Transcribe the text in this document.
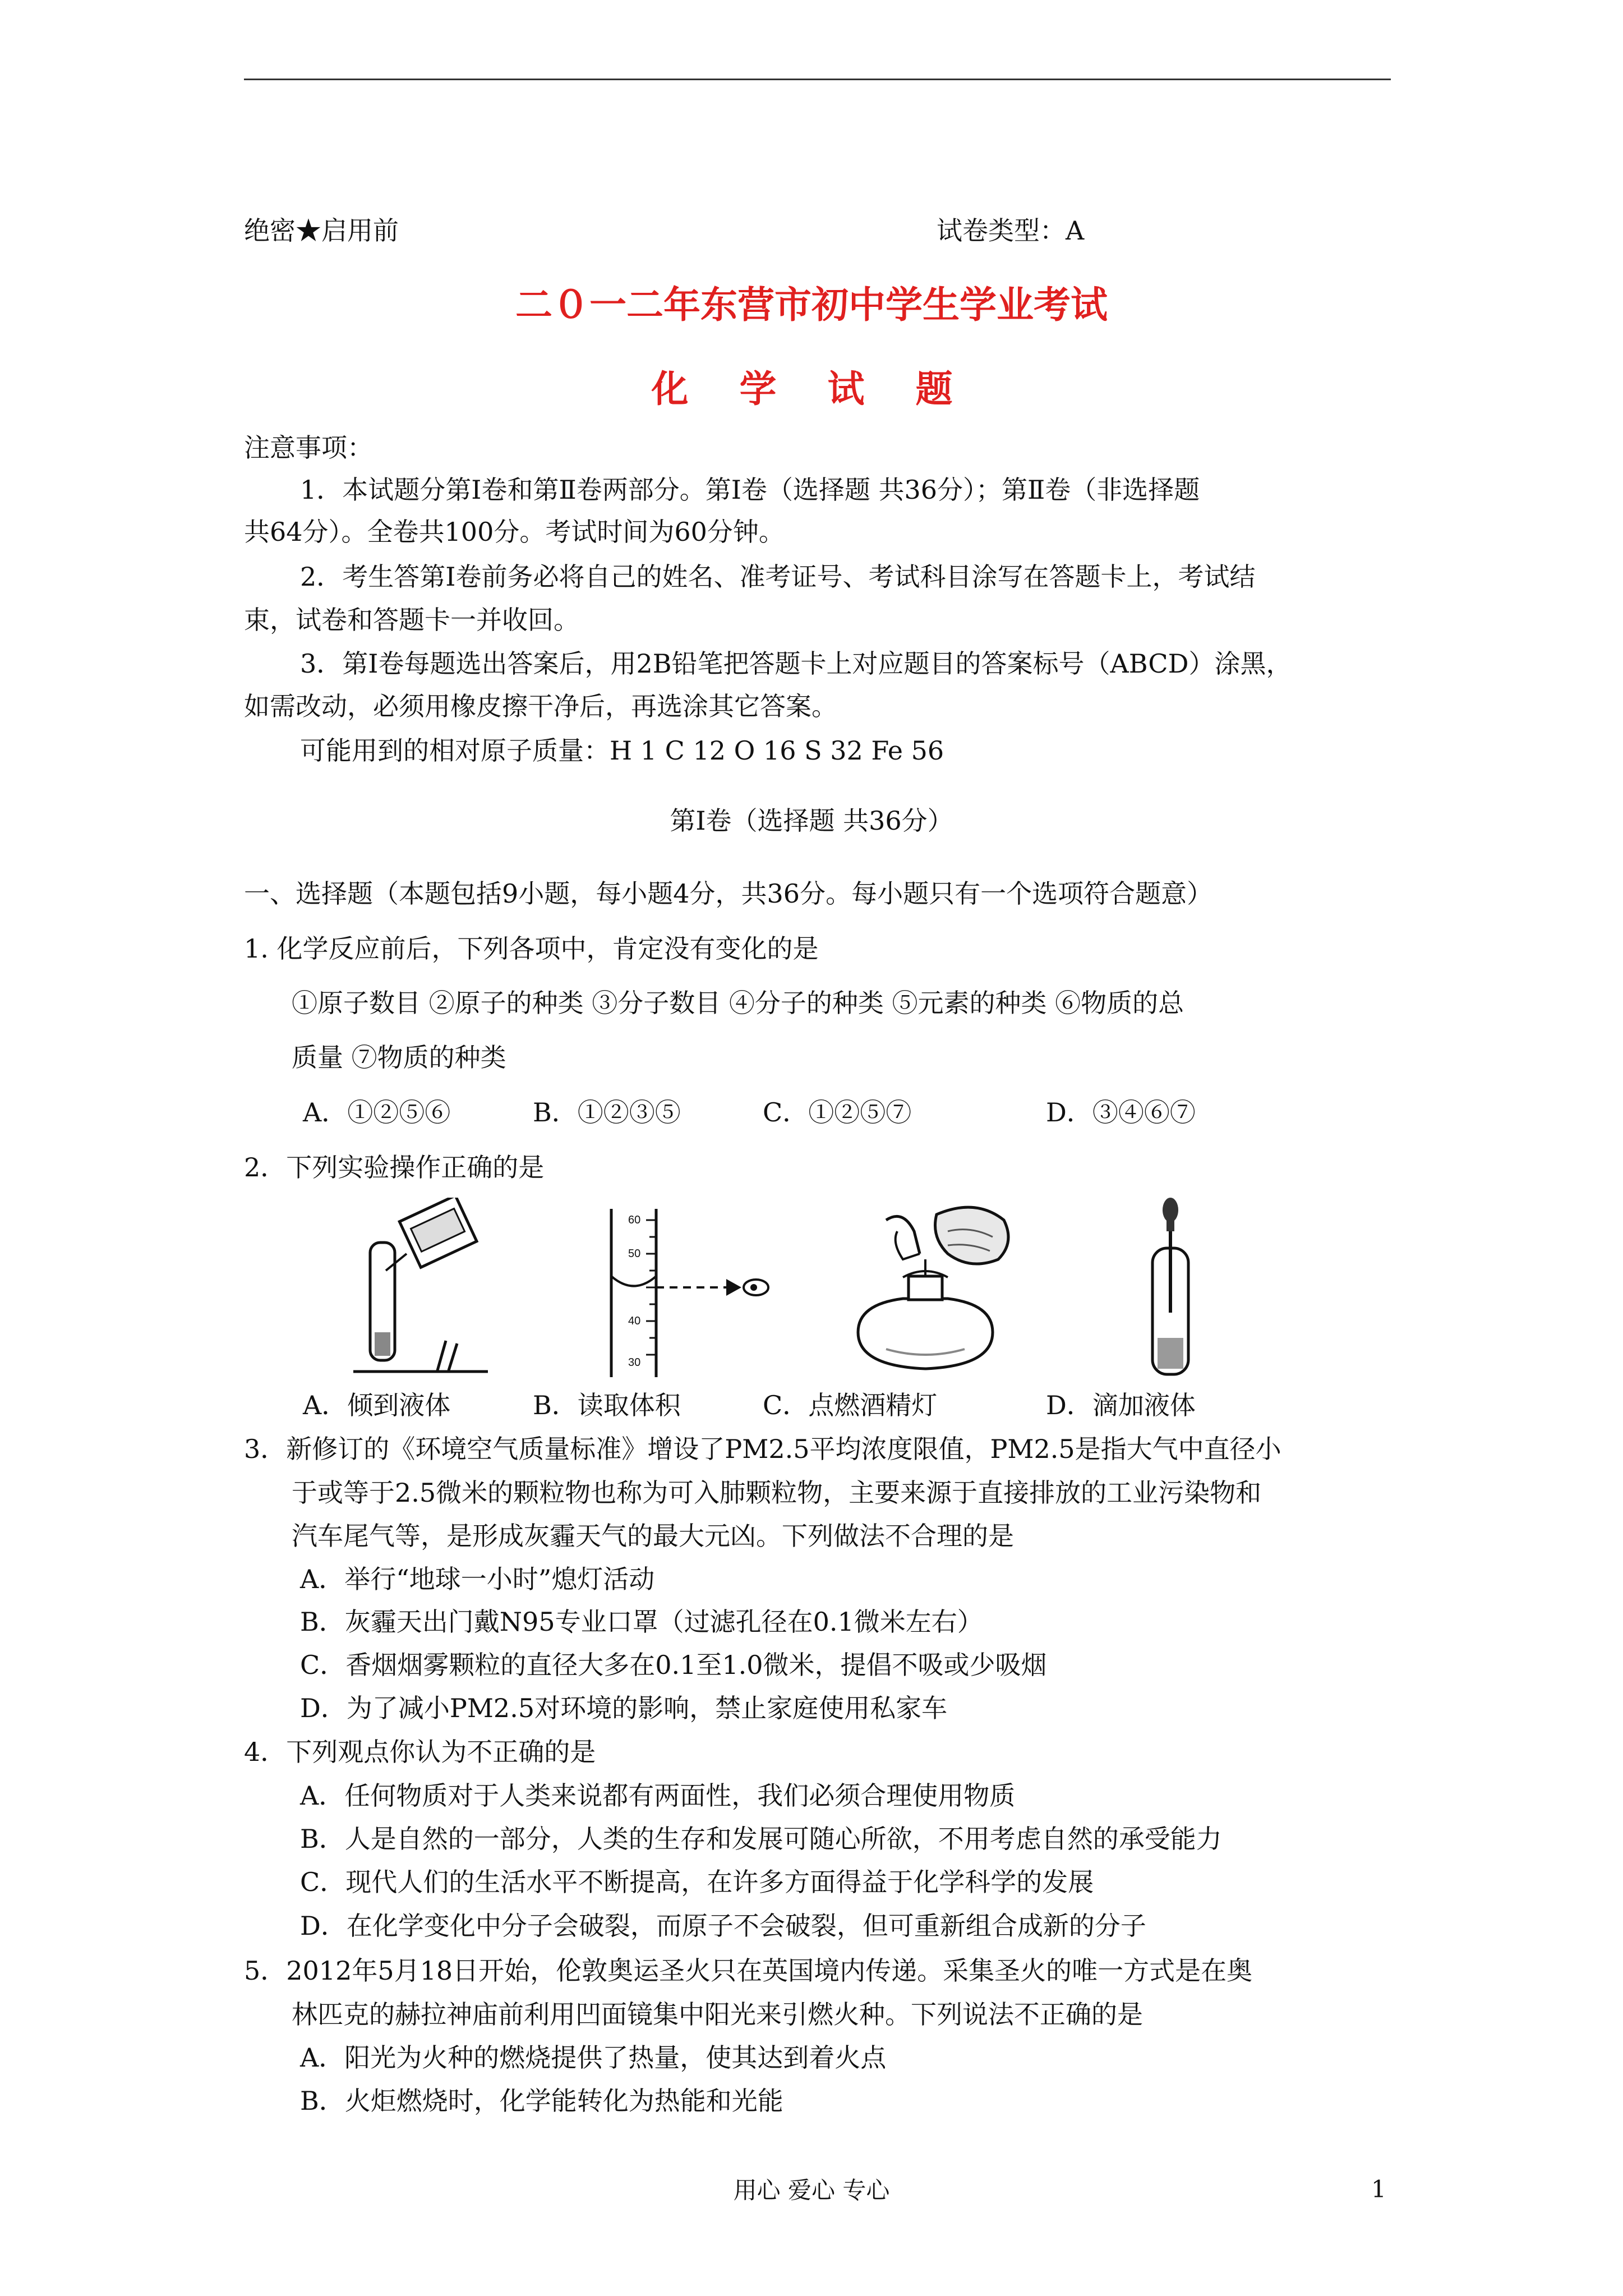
绝密★启用前	试卷类型：A
二０一二年东营市初中学生学业考试
化 学 试 题
注意事项：
1．本试题分第Ⅰ卷和第Ⅱ卷两部分。第Ⅰ卷（选择题 共36分）；第Ⅱ卷（非选择题
共64分）。全卷共100分。考试时间为60分钟。
2．考生答第Ⅰ卷前务必将自己的姓名、准考证号、考试科目涂写在答题卡上，考试结
束，试卷和答题卡一并收回。
3．第Ⅰ卷每题选出答案后，用2B铅笔把答题卡上对应题目的答案标号（ABCD）涂黑，
如需改动，必须用橡皮擦干净后，再选涂其它答案。
可能用到的相对原子质量：H 1 C 12 O 16 S 32 Fe 56
第Ⅰ卷（选择题 共36分）
一、选择题（本题包括9小题，每小题4分，共36分。每小题只有一个选项符合题意）
1. 化学反应前后，下列各项中，肯定没有变化的是
①原子数目 ②原子的种类 ③分子数目 ④分子的种类 ⑤元素的种类 ⑥物质的总
质量 ⑦物质的种类
A．①②⑤⑥	B．①②③⑤	C．①②⑤⑦	D．③④⑥⑦
2．下列实验操作正确的是
60
50
40
30
A．倾到液体	B．读取体积	C．点燃酒精灯	D．滴加液体
3．新修订的《环境空气质量标准》增设了PM2.5平均浓度限值，PM2.5是指大气中直径小
于或等于2.5微米的颗粒物也称为可入肺颗粒物，主要来源于直接排放的工业污染物和
汽车尾气等，是形成灰霾天气的最大元凶。下列做法不合理的是
A．举行“地球一小时”熄灯活动
B．灰霾天出门戴N95专业口罩（过滤孔径在0.1微米左右）
C．香烟烟雾颗粒的直径大多在0.1至1.0微米，提倡不吸或少吸烟
D．为了减小PM2.5对环境的影响，禁止家庭使用私家车
4．下列观点你认为不正确的是
A．任何物质对于人类来说都有两面性，我们必须合理使用物质
B．人是自然的一部分，人类的生存和发展可随心所欲，不用考虑自然的承受能力
C．现代人们的生活水平不断提高，在许多方面得益于化学科学的发展
D．在化学变化中分子会破裂，而原子不会破裂，但可重新组合成新的分子
5．2012年5月18日开始，伦敦奥运圣火只在英国境内传递。采集圣火的唯一方式是在奥
林匹克的赫拉神庙前利用凹面镜集中阳光来引燃火种。下列说法不正确的是
A．阳光为火种的燃烧提供了热量，使其达到着火点
B．火炬燃烧时，化学能转化为热能和光能
用心 爱心 专心	1
